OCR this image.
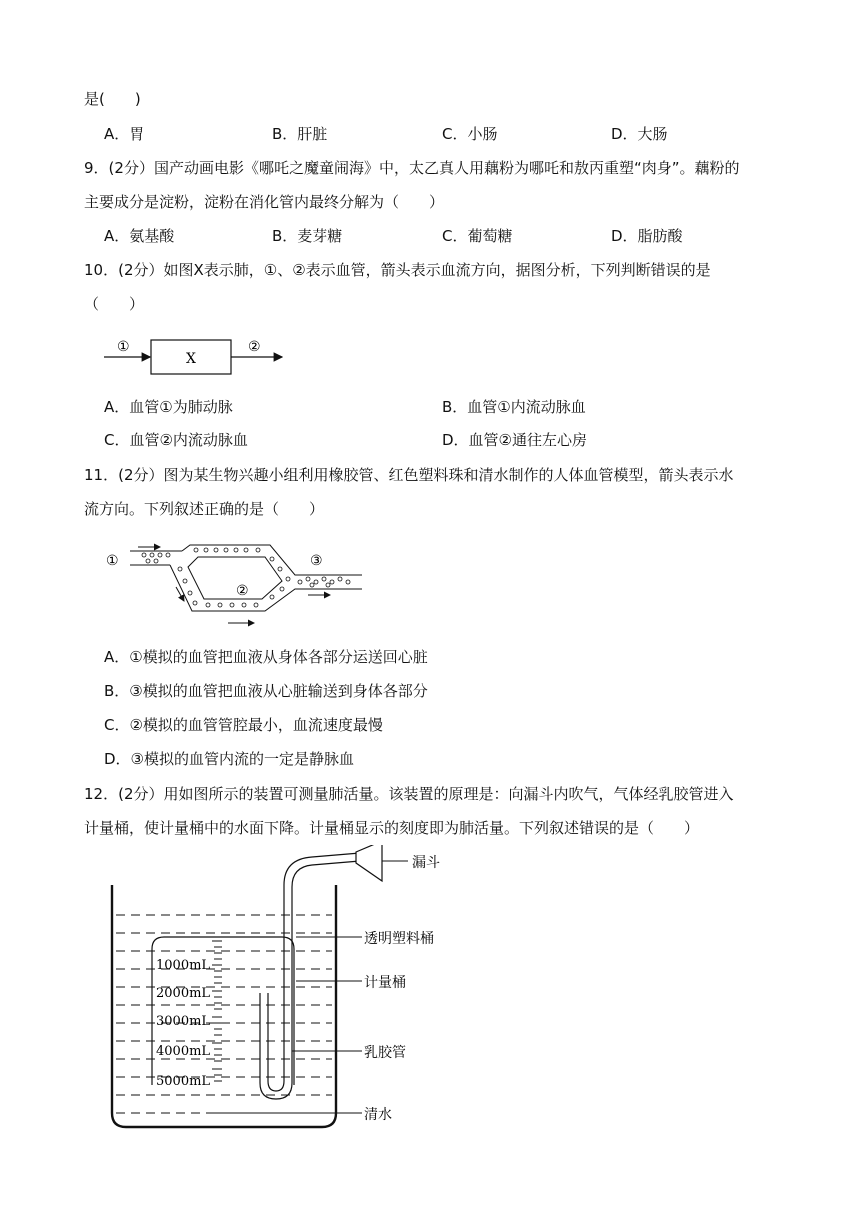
是(　　)
A．胃	B．肝脏	C．小肠	D．大肠
9．(2分）国产动画电影《哪吒之魔童闹海》中，太乙真人用藕粉为哪吒和敖丙重塑“肉身”。藕粉的
主要成分是淀粉，淀粉在消化管内最终分解为（　　）
A．氨基酸	B．麦芽糖	C．葡萄糖	D．脂肪酸
10．(2分）如图X表示肺，①、②表示血管，箭头表示血流方向，据图分析，下列判断错误的是
（　　）
①
X
②
A．血管①为肺动脉	B．血管①内流动脉血
C．血管②内流动脉血	D．血管②通往左心房
11．(2分）图为某生物兴趣小组利用橡胶管、红色塑料珠和清水制作的人体血管模型，箭头表示水
流方向。下列叙述正确的是（　　）
①
②
③
A．①模拟的血管把血液从身体各部分运送回心脏
B．③模拟的血管把血液从心脏输送到身体各部分
C．②模拟的血管管腔最小，血流速度最慢
D．③模拟的血管内流的一定是静脉血
12．(2分）用如图所示的装置可测量肺活量。该装置的原理是：向漏斗内吹气，气体经乳胶管进入
计量桶，使计量桶中的水面下降。计量桶显示的刻度即为肺活量。下列叙述错误的是（　　）
1000mL
2000mL
3000mL
4000mL
5000mL
漏斗
透明塑料桶
计量桶
乳胶管
清水
